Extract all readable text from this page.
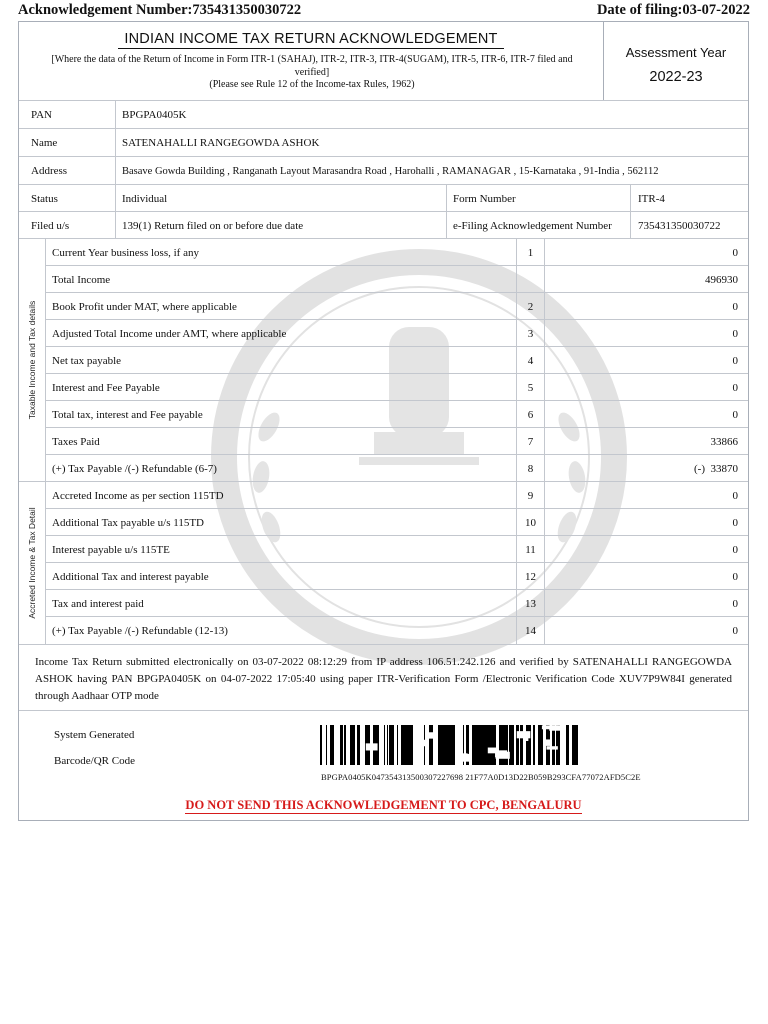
Acknowledgement Number:735431350030722	Date of filing:03-07-2022
INDIAN INCOME TAX RETURN ACKNOWLEDGEMENT
[Where the data of the Return of Income in Form ITR-1 (SAHAJ), ITR-2, ITR-3, ITR-4(SUGAM), ITR-5, ITR-6, ITR-7 filed and verified]
(Please see Rule 12 of the Income-tax Rules, 1962)
Assessment Year
2022-23
PAN	BPGPA0405K
Name	SATENAHALLI RANGEGOWDA ASHOK
Address	Basave Gowda Building , Ranganath Layout Marasandra Road , Harohalli , RAMANAGAR , 15-Karnataka , 91-India , 562112
Status	Individual	Form Number	ITR-4
Filed u/s	139(1) Return filed on or before due date	e-Filing Acknowledgement Number	735431350030722
Taxable Income and Tax details
Accreted Income & Tax Detail
Current Year business loss, if any	1	0
Total Income	496930
Book Profit under MAT, where applicable	2	0
Adjusted Total Income under AMT, where applicable	3	0
Net tax payable	4	0
Interest and Fee Payable	5	0
Total tax, interest and Fee payable	6	0
Taxes Paid	7	33866
(+) Tax Payable /(-) Refundable (6-7)	8	(-)  33870
Accreted Income as per section 115TD	9	0
Additional Tax payable u/s 115TD	10	0
Interest payable u/s 115TE	11	0
Additional Tax and interest payable	12	0
Tax and interest paid	13	0
(+) Tax Payable /(-) Refundable (12-13)	14	0
Income Tax Return submitted electronically on 03-07-2022 08:12:29 from IP address 106.51.242.126 and verified by SATENAHALLI RANGEGOWDA ASHOK having PAN BPGPA0405K on 04-07-2022 17:05:40 using paper ITR-Verification Form /Electronic Verification Code XUV7P9W84I generated through Aadhaar OTP mode
System Generated
Barcode/QR Code
BPGPA0405K047354313500307227698 21F77A0D13D22B059B293CFA77072AFD5C2E
DO NOT SEND THIS ACKNOWLEDGEMENT TO CPC, BENGALURU
